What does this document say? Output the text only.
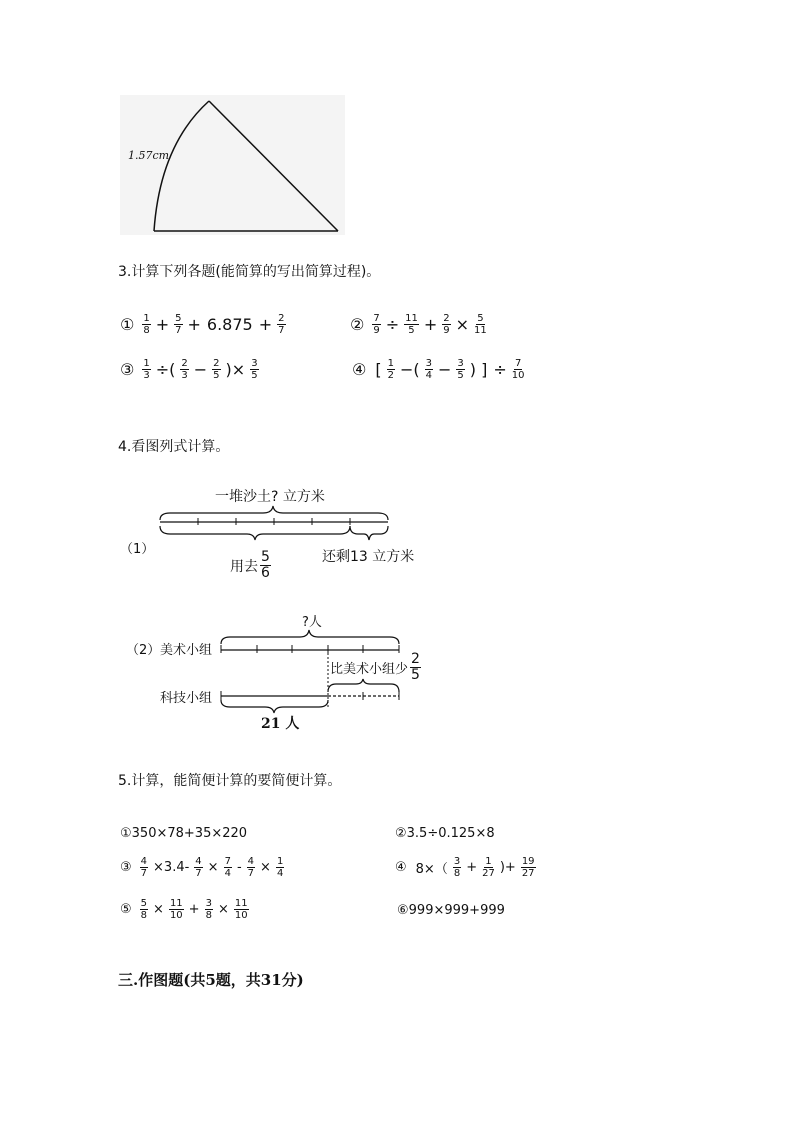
1.57cm
3.计算下列各题(能简算的写出简算过程)。
① $\frac{1}{8} + \frac{5}{7} + 6.875 + \frac{2}{7}$	② $\frac{7}{9} \div \frac{11}{5} + \frac{2}{9} \times \frac{5}{11}$
③ $\frac{1}{3}$ ÷( $\frac{2}{3} - \frac{2}{5}$ )× $\frac{3}{5}$	④ [ $\frac{1}{2}$ −( $\frac{3}{4} - \frac{3}{5}$ ) ] ÷ $\frac{7}{10}$
4.看图列式计算。
（1）
一堆沙土? 立方米
用去 $\frac{5}{6}$	还剩13 立方米
（2） 美术小组
科技小组
?人
比美术小组少 $\frac{2}{5}$
21 人
5.计算，能简便计算的要简便计算。
①350×78+35×220	②3.5÷0.125×8
③ $\frac{4}{7} \times 3.4- \frac{4}{7} \times \frac{7}{4} - \frac{4}{7} \times \frac{1}{4}$	④ $8\times( \frac{3}{8} + \frac{1}{27}$ )+ $\frac{19}{27}$
⑤ $\frac{5}{8} \times \frac{11}{10} + \frac{3}{8} \times \frac{11}{10}$	⑥999×999+999
三.作图题(共5题，共31分)
